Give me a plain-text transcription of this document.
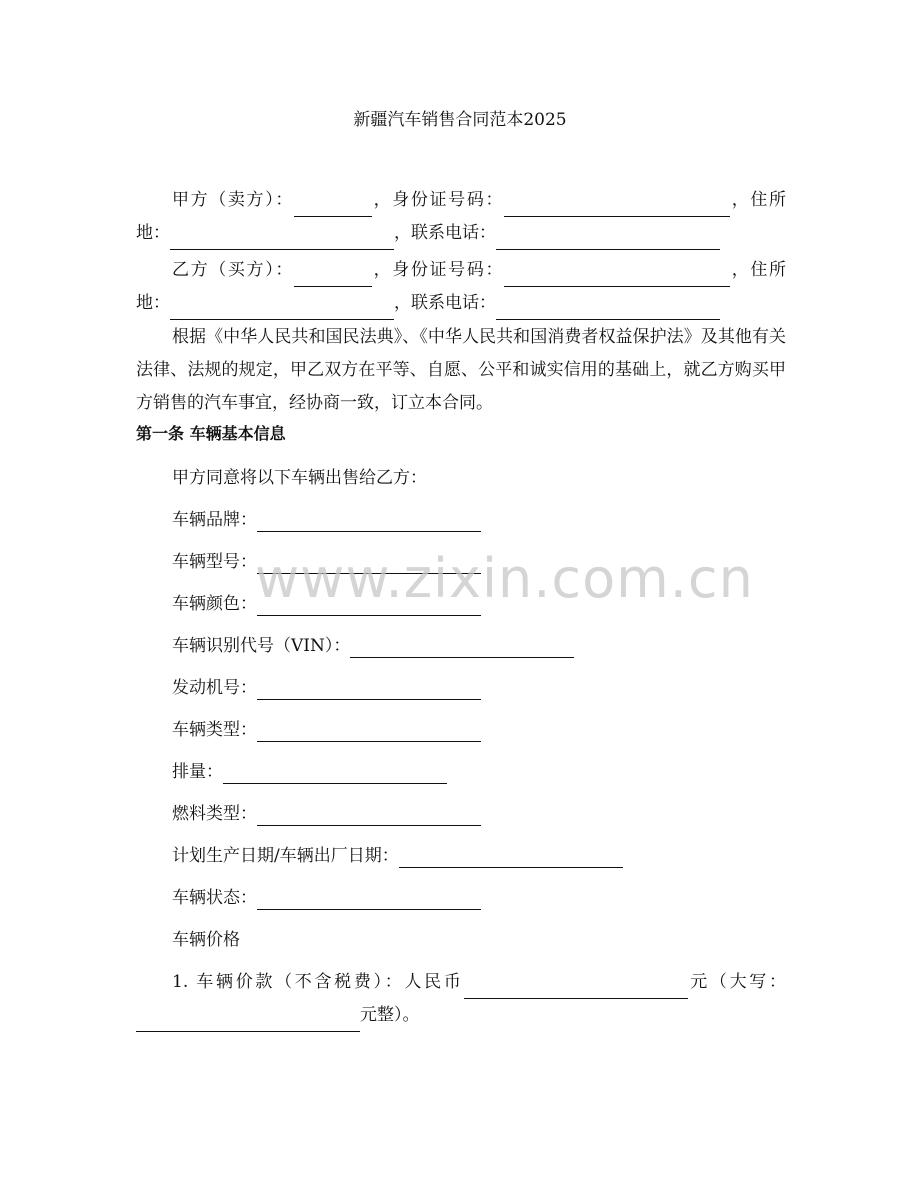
新疆汽车销售合同范本2025
甲方（卖方）：	，身份证号码：	，住所地：	，联系电话：
乙方（买方）：	，身份证号码：	，住所地：	，联系电话：
根据《中华人民共和国民法典》、《中华人民共和国消费者权益保护法》及其他有关法律、法规的规定，甲乙双方在平等、自愿、公平和诚实信用的基础上，就乙方购买甲方销售的汽车事宜，经协商一致，订立本合同。
第一条 车辆基本信息
甲方同意将以下车辆出售给乙方：
车辆品牌：
车辆型号：
车辆颜色：
车辆识别代号（VIN）：
发动机号：
车辆类型：
排量：
燃料类型：
计划生产日期/车辆出厂日期：
车辆状态：
车辆价格
1. 车辆价款（不含税费）：人民币	元（大写：元整）。
www.zixin.com.cn
